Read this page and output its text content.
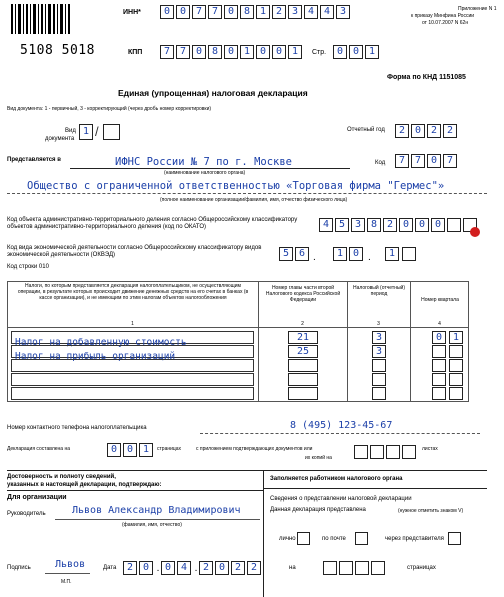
5108 5018
ИНН*	0 0 7 7 0 8 1 2 3 4 4 3
КПП	7 7 0 8 0 1 0 0 1	Стр.	0 0 1
Приложение N 1
к приказу Минфина России
от 10.07.2007 N 62н
Форма по КНД 1151085
Единая (упрощенная) налоговая декларация
Вид документа: 1 - первичный, 3 - корректирующий (через дробь номер корректировки)
Вид
документа
1 /	Отчетный год	2 0 2 2
Представляется в	ИФНС России № 7 по г. Москве
(наименование налогового органа)
Код	7 7 0 7
Общество с ограниченной ответственностью «Торговая фирма "Гермес"»
(полное наименование организации/фамилия, имя, отчество физического лица)
Код объекта административно-территориального деления согласно Общероссийскому классификатору объектов административно-территориального деления (код по ОКАТО)	4 5 3 8 2 0 0 0
Код вида экономической деятельности согласно Общероссийскому классификатору видов экономической деятельности (ОКВЭД)	5 6 .	1 0 .	1
Код строки 010
Налоги, по которым представляется декларация налогоплательщиком, не осуществляющим операции, в результате которых происходит движение денежных средств на его счетах в банках (в кассе организации), и не имеющим по этим налогам объектов налогообложения
Номер главы части второй Налогового кодекса Российской Федерации
Налоговый (отчетный) период
Номер квартала
1	2	3	4
Налог на добавленную стоимость	21	3	0	1
Налог на прибыль организаций	25	3
Номер контактного телефона налогоплательщика	8 (495) 123-45-67
Декларация составлена на	0 0 1	страницах	с приложением подтверждающих документов или
их копий на
листах
Достоверность и полноту сведений,
указанных в настоящей декларации, подтверждаю:
Для организации
Руководитель	Львов Александр Владимирович
(фамилия, имя, отчество)
Подпись Львов	Дата	2 0 . 0 4 . 2 0 2 2
М.П.
Заполняется работником налогового органа
Сведения о представлении налоговой декларации
Данная декларация представлена	(нужное отметить знаком V)
лично	по почте	через представителя
на	страницах
